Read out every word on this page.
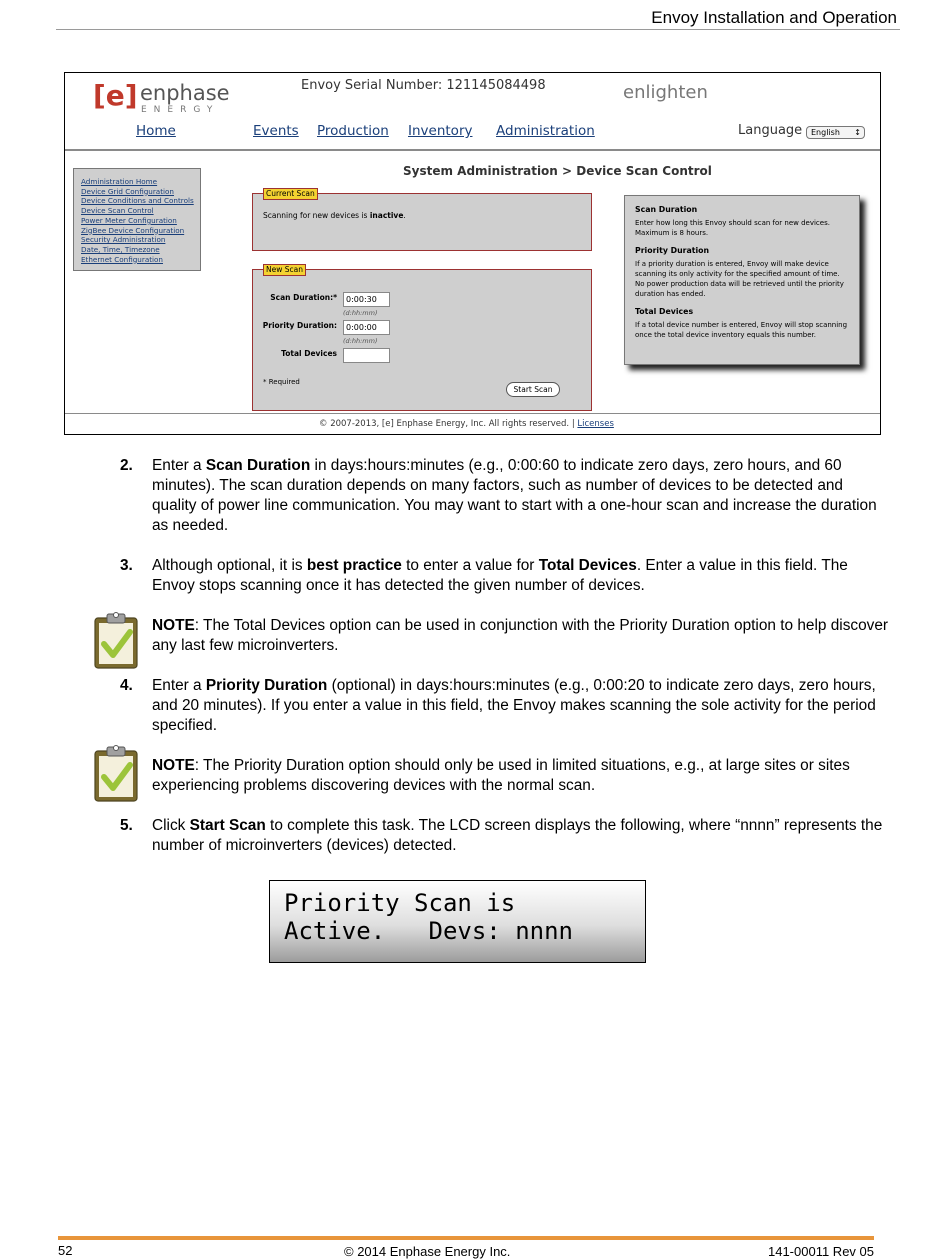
Envoy Installation and Operation
[e] enphase
ENERGY
Envoy Serial Number: 121145084498	enlighten
Home	Events Production Inventory Administration	Language	English ↕
Administration Home
Device Grid Configuration
Device Conditions and Controls
Device Scan Control
Power Meter Configuration
ZigBee Device Configuration
Security Administration
Date, Time, Timezone
Ethernet Configuration
System Administration > Device Scan Control
Current Scan
Scanning for new devices is inactive.
New Scan
Scan Duration:*	0:00:30
(d:hh:mm)
Priority Duration:	0:00:00
(d:hh:mm)
Total Devices
* Required
Start Scan
Scan Duration
Enter how long this Envoy should scan for new devices. Maximum is 8 hours.
Priority Duration
If a priority duration is entered, Envoy will make device scanning its only activity for the specified amount of time. No power production data will be retrieved until the priority duration has ended.
Total Devices
If a total device number is entered, Envoy will stop scanning once the total device inventory equals this number.
© 2007-2013, [e] Enphase Energy, Inc. All rights reserved. | Licenses
2. Enter a Scan Duration in days:hours:minutes (e.g., 0:00:60 to indicate zero days, zero hours, and 60 minutes). The scan duration depends on many factors, such as number of devices to be detected and quality of power line communication. You may want to start with a one-hour scan and increase the duration as needed.
3. Although optional, it is best practice to enter a value for Total Devices. Enter a value in this field. The Envoy stops scanning once it has detected the given number of devices.
NOTE: The Total Devices option can be used in conjunction with the Priority Duration option to help discover any last few microinverters.
4. Enter a Priority Duration (optional) in days:hours:minutes (e.g., 0:00:20 to indicate zero days, zero hours, and 20 minutes). If you enter a value in this field, the Envoy makes scanning the sole activity for the period specified.
NOTE: The Priority Duration option should only be used in limited situations, e.g., at large sites or sites experiencing problems discovering devices with the normal scan.
5. Click Start Scan to complete this task. The LCD screen displays the following, where “nnnn” represents the number of microinverters (devices) detected.
Priority Scan is
Active.   Devs: nnnn
52	© 2014 Enphase Energy Inc.	141-00011 Rev 05
